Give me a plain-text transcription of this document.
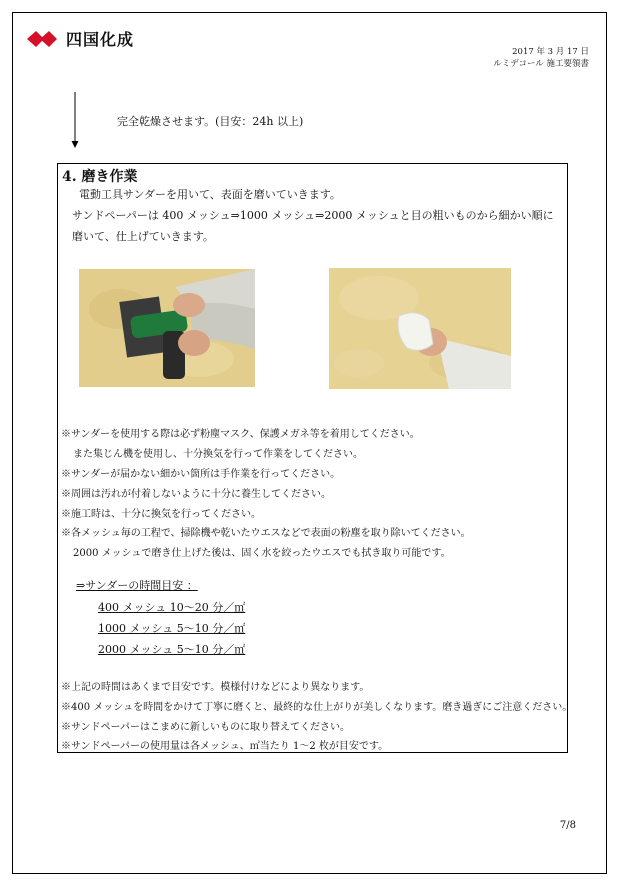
四国化成
2017 年 3 月 17 日
ルミデコール 施工要領書
完全乾燥させます。(目安：24h 以上)
4. 磨き作業
電動工具サンダーを用いて、表面を磨いていきます。
サンドペーパーは 400 メッシュ⇒1000 メッシュ⇒2000 メッシュと目の粗いものから細かい順に
磨いて、仕上げていきます。
※サンダーを使用する際は必ず粉塵マスク、保護メガネ等を着用してください。
また集じん機を使用し、十分換気を行って作業をしてください。
※サンダーが届かない細かい箇所は手作業を行ってください。
※周囲は汚れが付着しないように十分に養生してください。
※施工時は、十分に換気を行ってください。
※各メッシュ毎の工程で、掃除機や乾いたウエスなどで表面の粉塵を取り除いてください。
2000 メッシュで磨き仕上げた後は、固く水を絞ったウエスでも拭き取り可能です。
⇒サンダーの時間目安 ：
400 メッシュ 10〜20 分／㎡
1000 メッシュ 5〜10 分／㎡
2000 メッシュ 5〜10 分／㎡
※上記の時間はあくまで目安です。模様付けなどにより異なります。
※400 メッシュを時間をかけて丁寧に磨くと、最終的な仕上がりが美しくなります。磨き過ぎにご注意ください。
※サンドペーパーはこまめに新しいものに取り替えてください。
※サンドペーパーの使用量は各メッシュ、㎡当たり 1〜2 枚が目安です。
7/8
